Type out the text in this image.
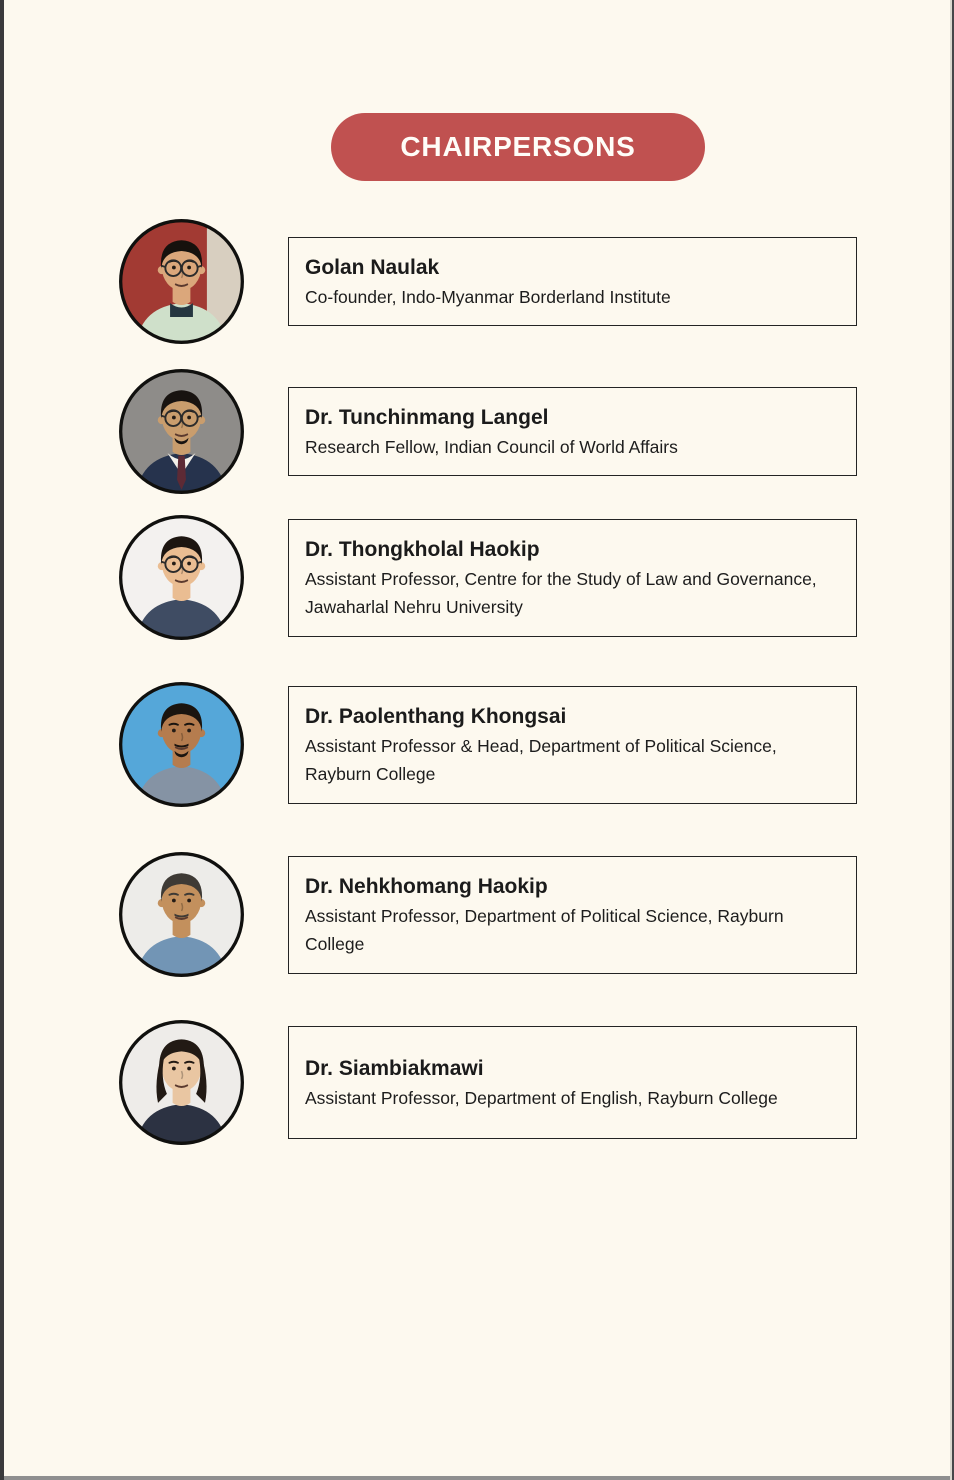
CHAIRPERSONS
Golan Naulak
Co-founder, Indo-Myanmar Borderland Institute
Dr. Tunchinmang Langel
Research Fellow, Indian Council of World Affairs
Dr. Thongkholal Haokip
Assistant Professor, Centre for the Study of Law and Governance, Jawaharlal Nehru University
Dr. Paolenthang Khongsai
Assistant Professor & Head, Department of Political Science, Rayburn College
Dr. Nehkhomang Haokip
Assistant Professor, Department of Political Science, Rayburn College
Dr. Siambiakmawi
Assistant Professor, Department of English, Rayburn College
